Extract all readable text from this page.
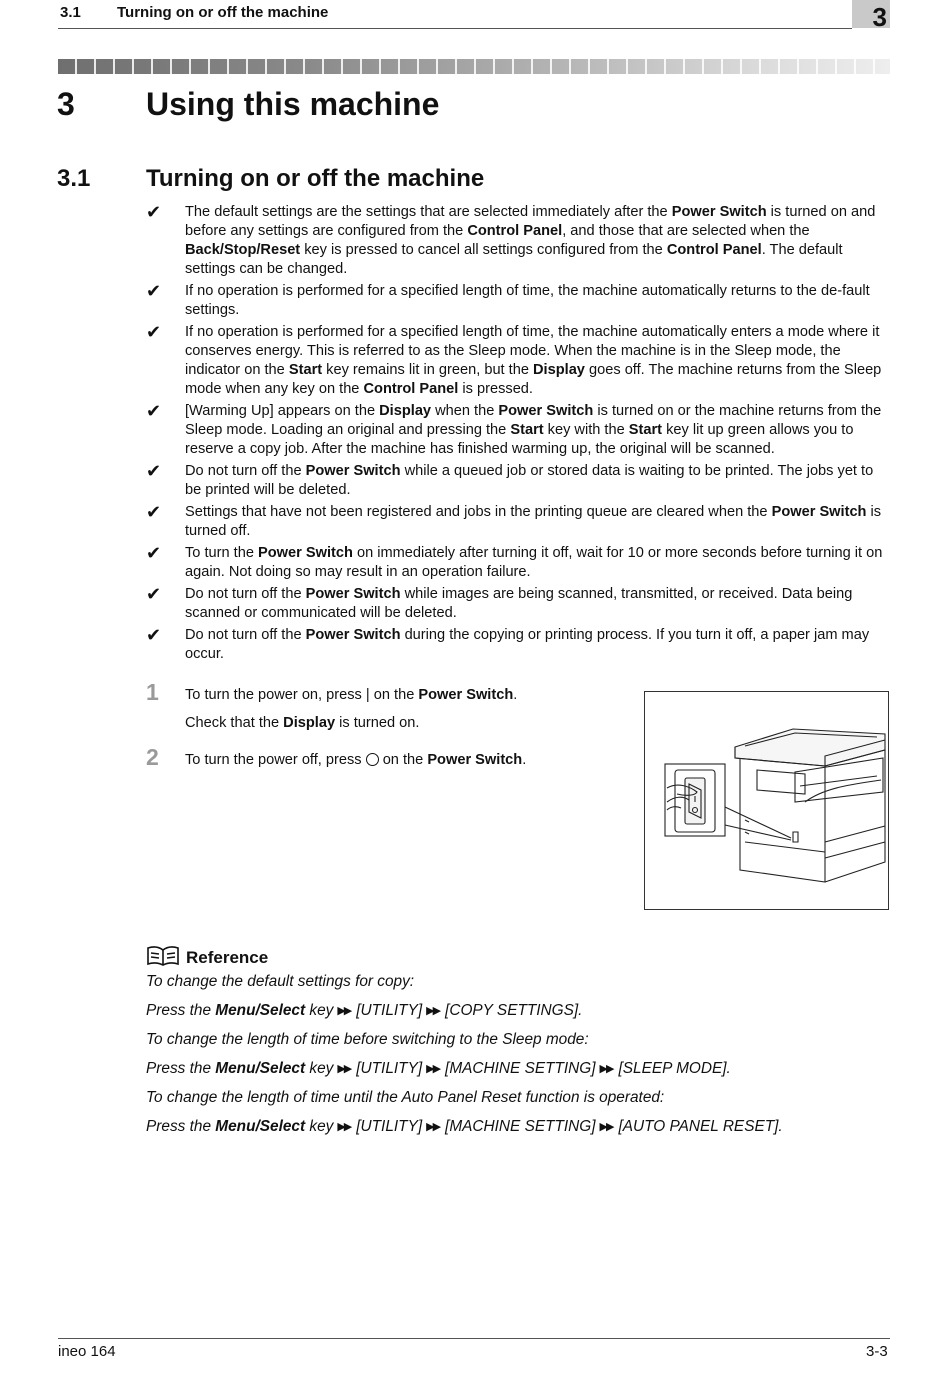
3.1 Turning on or off the machine	3
3 Using this machine
3.1 Turning on or off the machine
✔ The default settings are the settings that are selected immediately after the Power Switch is turned on and before any settings are configured from the Control Panel, and those that are selected when the Back/Stop/Reset key is pressed to cancel all settings configured from the Control Panel. The default settings can be changed.
✔ If no operation is performed for a specified length of time, the machine automatically returns to the de-fault settings.
✔ If no operation is performed for a specified length of time, the machine automatically enters a mode where it conserves energy. This is referred to as the Sleep mode. When the machine is in the Sleep mode, the indicator on the Start key remains lit in green, but the Display goes off. The machine returns from the Sleep mode when any key on the Control Panel is pressed.
✔ [Warming Up] appears on the Display when the Power Switch is turned on or the machine returns from the Sleep mode. Loading an original and pressing the Start key with the Start key lit up green allows you to reserve a copy job. After the machine has finished warming up, the original will be scanned.
✔ Do not turn off the Power Switch while a queued job or stored data is waiting to be printed. The jobs yet to be printed will be deleted.
✔ Settings that have not been registered and jobs in the printing queue are cleared when the Power Switch is turned off.
✔ To turn the Power Switch on immediately after turning it off, wait for 10 or more seconds before turning it on again. Not doing so may result in an operation failure.
✔ Do not turn off the Power Switch while images are being scanned, transmitted, or received. Data being scanned or communicated will be deleted.
✔ Do not turn off the Power Switch during the copying or printing process. If you turn it off, a paper jam may occur.
1 To turn the power on, press | on the Power Switch.
Check that the Display is turned on.
2 To turn the power off, press  on the Power Switch.
Reference
To change the default settings for copy:
Press the Menu/Select key ▶▶ [UTILITY] ▶▶ [COPY SETTINGS].
To change the length of time before switching to the Sleep mode:
Press the Menu/Select key ▶▶ [UTILITY] ▶▶ [MACHINE SETTING] ▶▶ [SLEEP MODE].
To change the length of time until the Auto Panel Reset function is operated:
Press the Menu/Select key ▶▶ [UTILITY] ▶▶ [MACHINE SETTING] ▶▶ [AUTO PANEL RESET].
ineo 164	3-3
